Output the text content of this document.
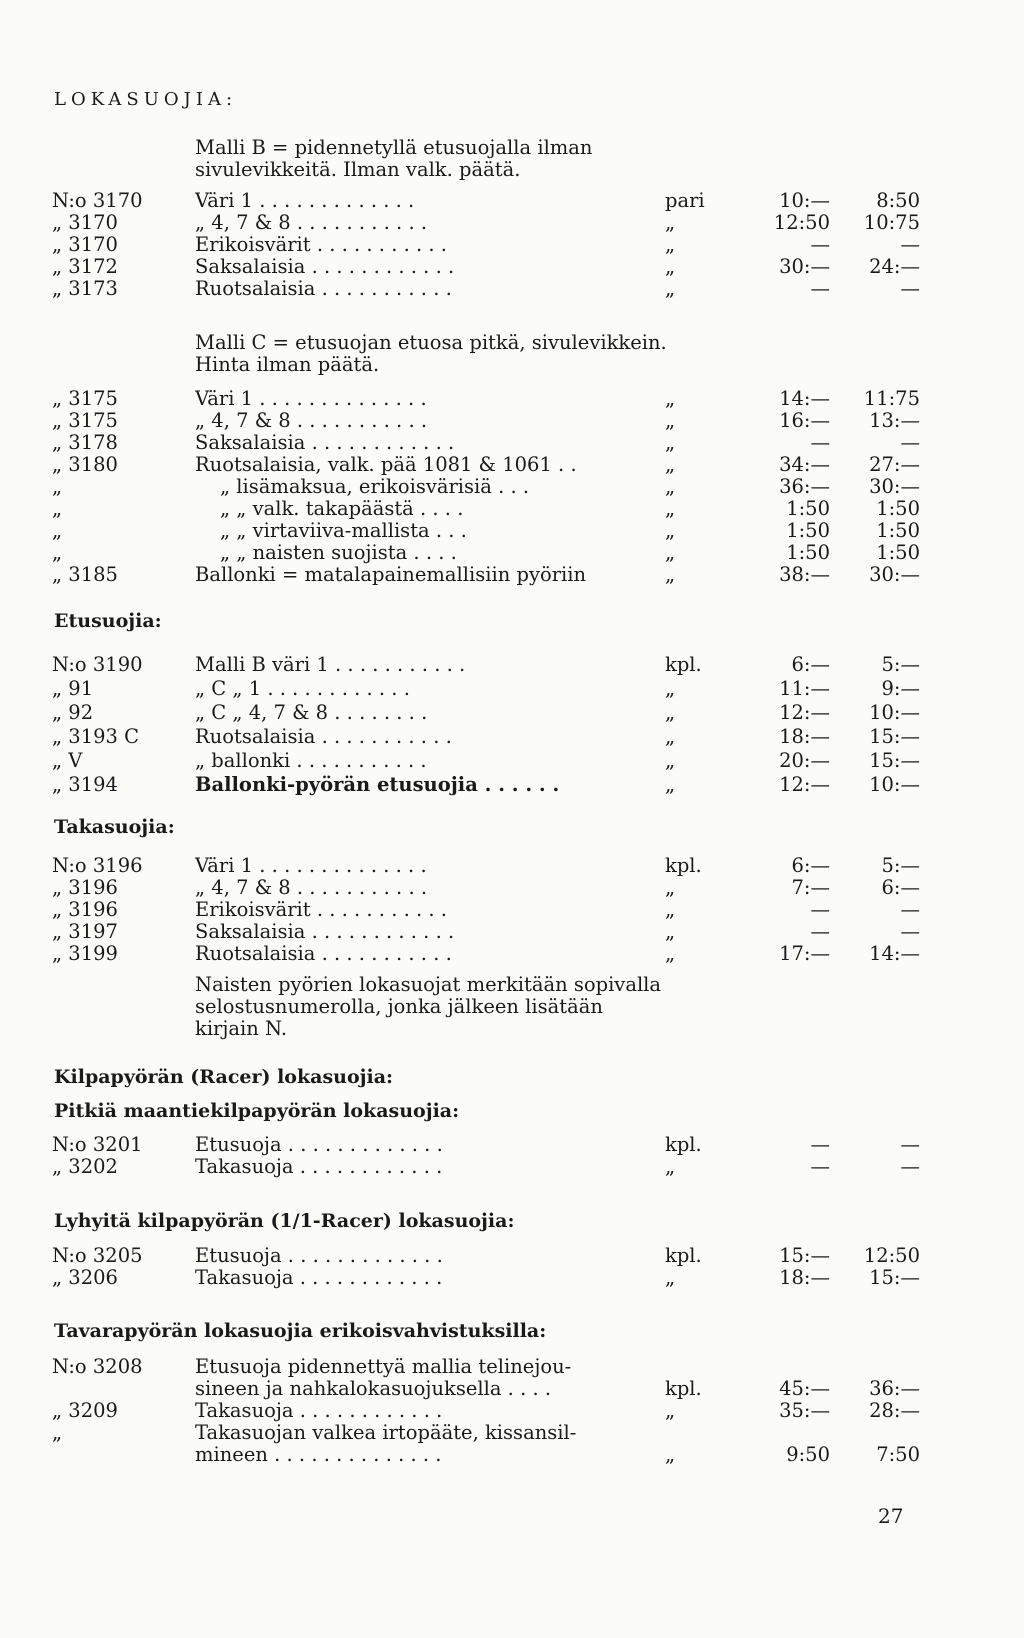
LOKASUOJIA:
Malli B = pidennetyllä etusuojalla ilman sivulevikkeitä. Ilman valk. päätä.
N:o 3170	Väri 1 . . . . . . . . . . . . .	pari	10:—	8:50
„ 3170	„ 4, 7 & 8 . . . . . . . . . . .	„	12:50	10:75
„ 3170	Erikoisvärit . . . . . . . . . . .	„	—	—
„ 3172	Saksalaisia . . . . . . . . . . . .	„	30:—	24:—
„ 3173	Ruotsalaisia . . . . . . . . . . .	„	—	—
Malli C = etusuojan etuosa pitkä, sivulevikkein. Hinta ilman päätä.
„ 3175	Väri 1 . . . . . . . . . . . . . .	„	14:—	11:75
„ 3175	„ 4, 7 & 8 . . . . . . . . . . .	„	16:—	13:—
„ 3178	Saksalaisia . . . . . . . . . . . .	„	—	—
„ 3180	Ruotsalaisia, valk. pää 1081 & 1061 . .	„	34:—	27:—
„	„ lisämaksua, erikoisvärisiä . . .	„	36:—	30:—
„	„ „ valk. takapäästä . . . .	„	1:50	1:50
„	„ „ virtaviiva-mallista . . .	„	1:50	1:50
„	„ „ naisten suojista . . . .	„	1:50	1:50
„ 3185	Ballonki = matalapainemallisiin pyöriin	„	38:—	30:—
Etusuojia:
N:o 3190	Malli B väri 1 . . . . . . . . . . .	kpl.	6:—	5:—
„ 91	„ C „ 1 . . . . . . . . . . . .	„	11:—	9:—
„ 92	„ C „ 4, 7 & 8 . . . . . . . .	„	12:—	10:—
„ 3193 C	Ruotsalaisia . . . . . . . . . . .	„	18:—	15:—
„ V	„ ballonki . . . . . . . . . . .	„	20:—	15:—
„ 3194	Ballonki-pyörän etusuojia . . . . . .	„	12:—	10:—
Takasuojia:
N:o 3196	Väri 1 . . . . . . . . . . . . . .	kpl.	6:—	5:—
„ 3196	„ 4, 7 & 8 . . . . . . . . . . .	„	7:—	6:—
„ 3196	Erikoisvärit . . . . . . . . . . .	„	—	—
„ 3197	Saksalaisia . . . . . . . . . . . .	„	—	—
„ 3199	Ruotsalaisia . . . . . . . . . . .	„	17:—	14:—
Naisten pyörien lokasuojat merkitään sopivalla selostusnumerolla, jonka jälkeen lisätään kirjain N.
Kilpapyörän (Racer) lokasuojia:
Pitkiä maantiekilpapyörän lokasuojia:
N:o 3201	Etusuoja . . . . . . . . . . . . .	kpl.	—	—
„ 3202	Takasuoja . . . . . . . . . . . .	„	—	—
Lyhyitä kilpapyörän (1/1-Racer) lokasuojia:
N:o 3205	Etusuoja . . . . . . . . . . . . .	kpl.	15:—	12:50
„ 3206	Takasuoja . . . . . . . . . . . .	„	18:—	15:—
Tavarapyörän lokasuojia erikoisvahvistuksilla:
N:o 3208	Etusuoja pidennettyä mallia telinejou-
sineen ja nahkalokasuojuksella . . . .	kpl.	45:—	36:—
„ 3209	Takasuoja . . . . . . . . . . . .	„	35:—	28:—
„	Takasuojan valkea irtopääte, kissansil-
mineen . . . . . . . . . . . . . .	„	9:50	7:50
27
